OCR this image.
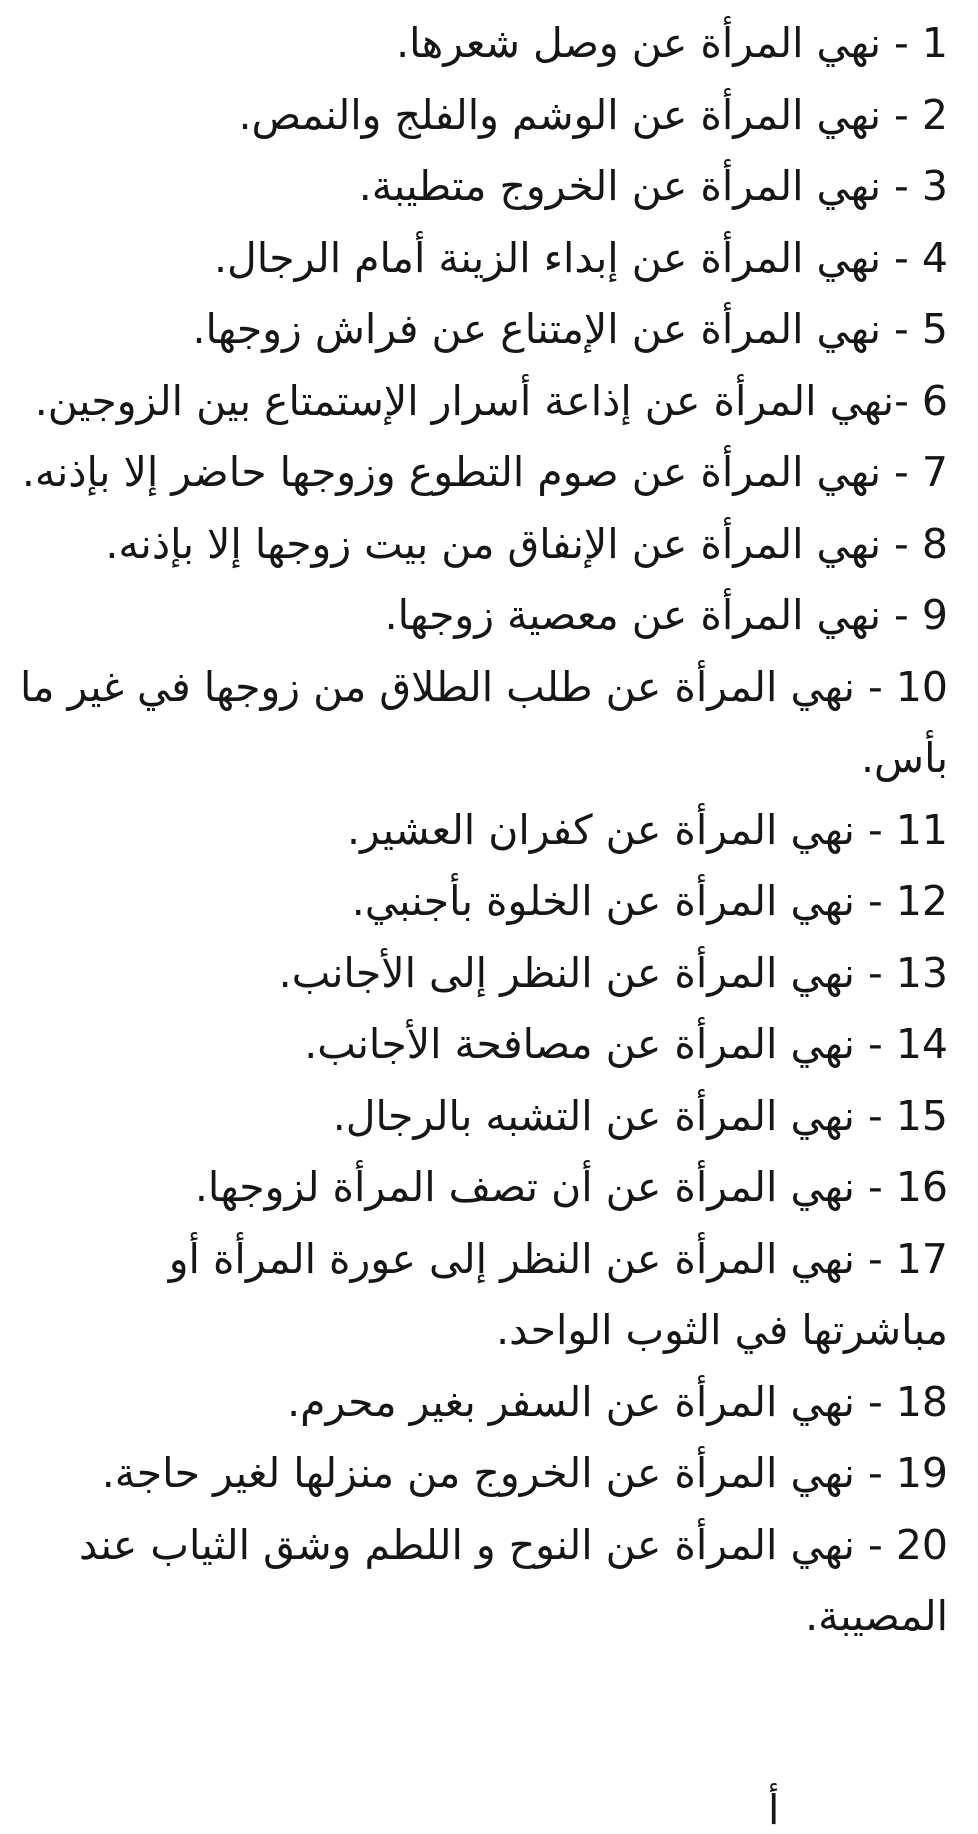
1 - نهي المرأة عن وصل شعرها.
2 - نهي المرأة عن الوشم والفلج والنمص.
3 - نهي المرأة عن الخروج متطيبة.
4 - نهي المرأة عن إبداء الزينة أمام الرجال.
5 - نهي المرأة عن الإمتناع عن فراش زوجها.
6 -نهي المرأة عن إذاعة أسرار الإستمتاع بين الزوجين.
7 - نهي المرأة عن صوم التطوع وزوجها حاضر إلا بإذنه.
8 - نهي المرأة عن الإنفاق من بيت زوجها إلا بإذنه.
9 - نهي المرأة عن معصية زوجها.
10 - نهي المرأة عن طلب الطلاق من زوجها في غير ما بأس.
11 - نهي المرأة عن كفران العشير.
12 - نهي المرأة عن الخلوة بأجنبي.
13 - نهي المرأة عن النظر إلى الأجانب.
14 - نهي المرأة عن مصافحة الأجانب.
15 - نهي المرأة عن التشبه بالرجال.
16 - نهي المرأة عن أن تصف المرأة لزوجها.
17 - نهي المرأة عن النظر إلى عورة المرأة أو مباشرتها في الثوب الواحد.
18 - نهي المرأة عن السفر بغير محرم.
19 - نهي المرأة عن الخروج من منزلها لغير حاجة.
20 - نهي المرأة عن النوح و اللطم وشق الثياب عند المصيبة.
أ
